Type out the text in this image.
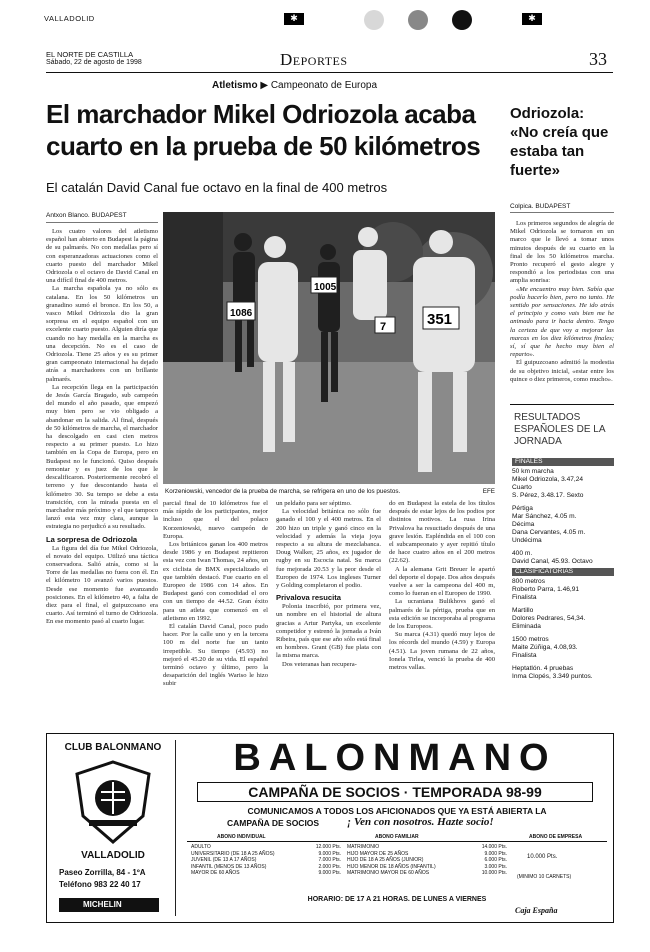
VALLADOLID	✱	✱
EL NORTE DE CASTILLA
Sábado, 22 de agosto de 1998	Deportes	33
Atletismo ▶ Campeonato de Europa
El marchador Mikel Odriozola acaba cuarto en la prueba de 50 kilómetros
El catalán David Canal fue octavo en la final de 400 metros
Antxon Blanco. BUDAPEST

Los cuatro valores del atletismo español han abierto en Budapest la página de su palmarés. No con medallas pero sí con esperanzadoras actuaciones como el cuarto puesto del marchador Mikel Odriozola o el octavo de David Canal en una difícil final de 400 metros.

La marcha española ya no sólo es catalana. En los 50 kilómetros un granadino sumó el bronce. En los 50, a vasco Mikel Odriozola dio la gran sorpresa en el equipo español con un excelente cuarto puesto. Alguien diría que cuando no hay medalla en la marcha es una decepción. No es el caso de Odriozola. Tiene 25 años y es su primer gran campeonato internacional ha dejado atrás a marchadores con un brillante palmarés.

La recepción llega en la participación de Jesús García Bragado, sub campeón del mundo el año pasado, que empezó muy bien pero se vio obligado a abandonar en la salida. Al final, después de 50 kilómetros de marcha, el marchador ha descolgado en casi cien metros respecto a su primer puesto. Lo hizo también en la Copa de Europa, pero en Budapest no le funcionó. Quiso después remontar y es juez de los que le descalificaron. Posteriormente recobró el terreno y fue descontando hasta el kilómetro 30. Su tempo se debe a esta transición, con la mirada puesta en el marchador más próximo y el que tampoco lanzó esta vez muy clara, aunque la estrategia no perjudicó a su resultado.

La sorpresa de Odriozola

La figura del día fue Mikel Odriozola, el novato del equipo. Utilizó una táctica conservadora. Salió atrás, como si la Torre de las medallas no fuera con él. En el kilómetro 10 avanzó varios puestos. Desde ese momento fue avanzando posiciones. En el kilómetro 40, a falta de diez para el final, el guipuzcoano era cuarto. Así terminó el turno de Odriozola. En ese momento pasó al cuarto lugar.

351
1086
1005
7
Korzeniowski, vencedor de la prueba de marcha, se refrigera en uno de los puestos.	EFE

parcial final de 10 kilómetros fue el más rápido de los participantes, mejor incluso que el del polaco Korzeniowski, nuevo campeón de Europa.

Los británicos ganan los 400 metros desde 1986 y en Budapest repitieron esta vez con Iwan Thomas, 24 años, un ex ciclista de BMX especializado el que también destacó. Fue cuarto en el Europeo de 1986 con 14 años. En Budapest ganó con comodidad el oro con un tiempo de 44.52. Gran éxito para un atleta que comenzó en el atletismo en 1992.

El catalán David Canal, poco pudo hacer. Por la calle uno y en la tercera 100 m del norte fue un tanto irrepetible. Su tiempo (45.93) no mejoró el 45.20 de su vida. El español terminó octavo y último, pero la desaparición del inglés Wariso le hizo subir

un peldaño para ser séptimo.

La velocidad británica no sólo fue ganado el 100 y el 400 metros. En el 200 hizo un triple y ganó cinco en la velocidad y además la vieja joya respecto a su altura de mezclabanca. Doug Walker, 25 años, ex jugador de rugby en su Escocia natal. Su marca fue mejorada 20.53 y la peor desde el Europeo de 1974. Los ingleses Turner y Golding completaron el podio.

Privalova resucita

Polonia inscribió, por primera vez, un nombre en el historial de altura gracias a Artur Partyka, un excelente competidor y estrenó la jornada a Iván Ribeira, país que ese año sólo está final en hombres. Grant (GB) fue plata con la misma marca.

Dos veteranas han recupera-

do en Budapest la estela de los títulos después de estar lejos de los podios por distintos motivos. La rusa Irina Privalova ha resucitado después de una grave lesión. Espléndida en el 100 con el subcampeonato y ayer repitió título de hace cuatro años en el 200 metros (22.62).

A la alemana Grit Breuer le apartó del deporte el dopaje. Dos años después vuelve a ser la campeona del 400 m, como lo fueran en el Europeo de 1990.

La ucraniana Bulikhovs ganó el palmarés de la pértiga, prueba que en esta edición se incorporaba al programa de los Europeos.

Su marca (4.31) quedó muy lejos de los récords del mundo (4.59) y Europa (4.51). La joven rumana de 22 años, Ionela Tirlea, venció la prueba de 400 metros vallas.

Odriozola: «No creía que estaba tan fuerte»
Colpica. BUDAPEST

Los primeros segundos de alegría de Mikel Odriozola se tornaron en un marco que le llevó a tomar unos minutos después de su cuarto en la final de los 50 kilómetros marcha. Pronto recuperó el gesto alegre y respondió a los periodistas con una amplia sonrisa:

«Me encuentro muy bien. Sabía que podía hacerlo bien, pero no tanto. He sentido por sensaciones. He ido atrás el principio y como vais bien me he animado para ir hacia dentro. Tengo la certeza de que voy a mejorar las marcas en los diez kilómetros finales; sí, sí que he hecho muy bien el reparto».

El guipuzcoano admitió la modestia de su objetivo inicial, «estar entre los quince o diez primeros, como mucho».

RESULTADOS ESPAÑOLES DE LA JORNADA
FINALES

50 km marcha

Mikel Odriozola, 3.47,24

Cuarto

S. Pérez, 3.48.17. Sexto

Pértiga

Mar Sánchez, 4.05 m.

Décima

Dana Cervantes, 4.05 m.

Undécima

400 m.

David Canal, 45.93. Octavo

CLASIFICATORIAS

800 metros

Roberto Parra, 1.46,91

Finalista

Martillo

Dolores Pedrares, 54,34.

Eliminada

1500 metros

Maite Zúñiga, 4.08,93.

Finalista

Heptatlón. 4 pruebas

Inma Clopés, 3.349 puntos.

CLUB BALONMANO
VALLADOLID
Paseo Zorrilla, 84 - 1ºA
Teléfono 983 22 40 17
MICHELIN
BALONMANO
CAMPAÑA DE SOCIOS · TEMPORADA 98-99
COMUNICAMOS A TODOS LOS AFICIONADOS QUE YA ESTÁ ABIERTA LA
CAMPAÑA DE SOCIOS	¡ Ven con nosotros. Hazte socio!
ABONO INDIVIDUAL	ABONO FAMILIAR	ABONO DE EMPRESA
ADULTO	12.000 Pts.
UNIVERSITARIO (DE 18 A 25 AÑOS)	9.000 Pts.
JUVENIL (DE 13 A 17 AÑOS)	7.000 Pts.
INFANTIL (MENOS DE 13 AÑOS)	2.000 Pts.
MAYOR DE 60 AÑOS	9.000 Pts.
MATRIMONIO	14.000 Pts.
HIJO MAYOR DE 25 AÑOS	9.000 Pts.
HIJO DE 18 A 25 AÑOS (JUNIOR)	6.000 Pts.
HIJO MENOR DE 18 AÑOS (INFANTIL)	3.000 Pts.
MATRIMONIO MAYOR DE 60 AÑOS	10.000 Pts.
10.000 Pts.
(MINIMO 10 CARNETS)
HORARIO: DE 17 A 21 HORAS. DE LUNES A VIERNES
Caja España
